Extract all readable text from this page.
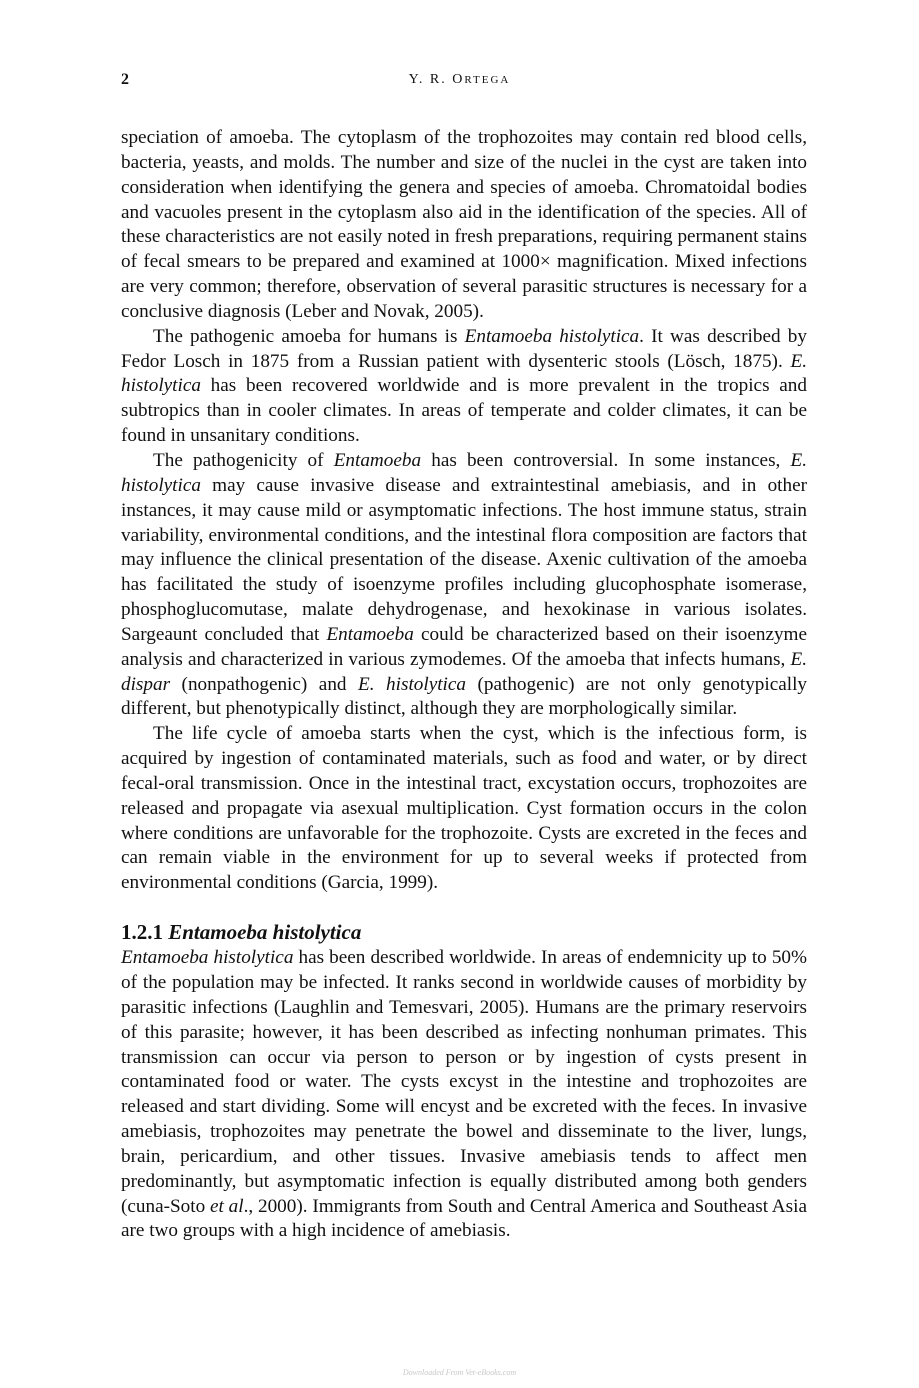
2	Y. R. ORTEGA

speciation of amoeba. The cytoplasm of the trophozoites may contain red blood cells, bacteria, yeasts, and molds. The number and size of the nuclei in the cyst are taken into consideration when identifying the genera and species of amoeba. Chromatoidal bodies and vacuoles present in the cytoplasm also aid in the identification of the species. All of these characteristics are not easily noted in fresh preparations, requiring permanent stains of fecal smears to be prepared and examined at 1000× magnification. Mixed infections are very common; therefore, observation of several parasitic structures is necessary for a conclusive diagnosis (Leber and Novak, 2005).

The pathogenic amoeba for humans is Entamoeba histolytica. It was described by Fedor Losch in 1875 from a Russian patient with dysenteric stools (Lösch, 1875). E. histolytica has been recovered worldwide and is more prevalent in the tropics and subtropics than in cooler climates. In areas of temperate and colder climates, it can be found in unsanitary conditions.

The pathogenicity of Entamoeba has been controversial. In some instances, E. histolytica may cause invasive disease and extraintestinal amebiasis, and in other instances, it may cause mild or asymptomatic infections. The host immune status, strain variability, environmental conditions, and the intestinal flora composition are factors that may influence the clinical presentation of the disease. Axenic cultivation of the amoeba has facilitated the study of isoenzyme profiles including glucophosphate isomerase, phosphoglucomutase, malate dehydrogenase, and hexokinase in various isolates. Sargeaunt concluded that Entamoeba could be characterized based on their isoenzyme analysis and characterized in various zymodemes. Of the amoeba that infects humans, E. dispar (nonpathogenic) and E. histolytica (pathogenic) are not only genotypically different, but phenotypically distinct, although they are morphologically similar.

The life cycle of amoeba starts when the cyst, which is the infectious form, is acquired by ingestion of contaminated materials, such as food and water, or by direct fecal-oral transmission. Once in the intestinal tract, excystation occurs, trophozoites are released and propagate via asexual multiplication. Cyst formation occurs in the colon where conditions are unfavorable for the trophozoite. Cysts are excreted in the feces and can remain viable in the environment for up to several weeks if protected from environmental conditions (Garcia, 1999).

1.2.1 Entamoeba histolytica

Entamoeba histolytica has been described worldwide. In areas of endemnicity up to 50% of the population may be infected. It ranks second in worldwide causes of morbidity by parasitic infections (Laughlin and Temesvari, 2005). Humans are the primary reservoirs of this parasite; however, it has been described as infecting nonhuman primates. This transmission can occur via person to person or by ingestion of cysts present in contaminated food or water. The cysts excyst in the intestine and trophozoites are released and start dividing. Some will encyst and be excreted with the feces. In invasive amebiasis, trophozoites may penetrate the bowel and disseminate to the liver, lungs, brain, pericardium, and other tissues. Invasive amebiasis tends to affect men predominantly, but asymptomatic infection is equally distributed among both genders (cuna-Soto et al., 2000). Immigrants from South and Central America and Southeast Asia are two groups with a high incidence of amebiasis.

Downloaded From Vet-eBooks.com
